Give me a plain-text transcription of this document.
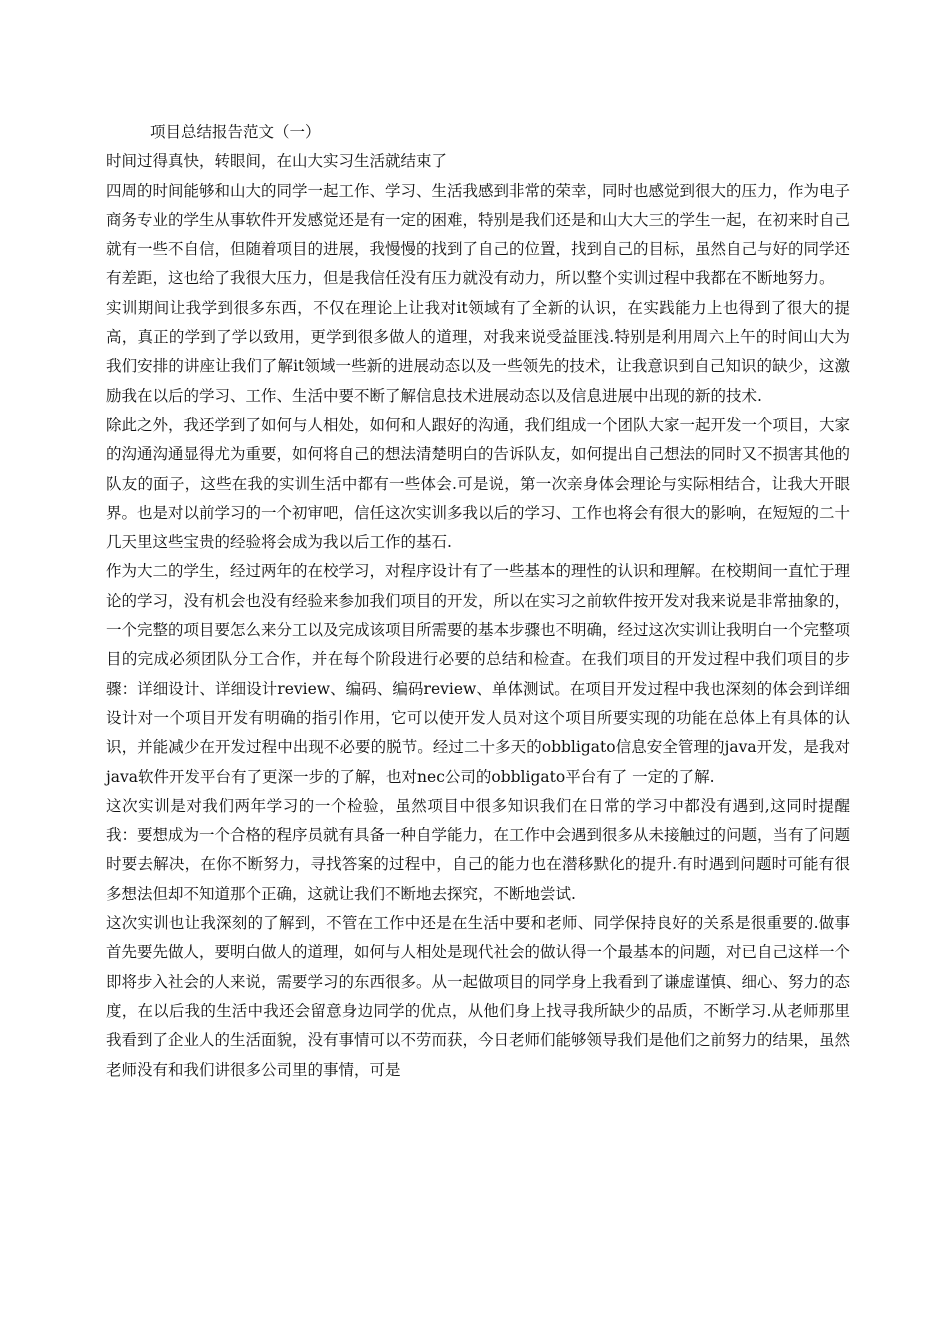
项目总结报告范文（一）

时间过得真快，转眼间，在山大实习生活就结束了

四周的时间能够和山大的同学一起工作、学习、生活我感到非常的荣幸，同时也感觉到很大的压力，作为电子商务专业的学生从事软件开发感觉还是有一定的困难，特别是我们还是和山大大三的学生一起，在初来时自己就有一些不自信，但随着项目的进展，我慢慢的找到了自己的位置，找到自己的目标，虽然自己与好的同学还有差距，这也给了我很大压力，但是我信任没有压力就没有动力，所以整个实训过程中我都在不断地努力。

实训期间让我学到很多东西，不仅在理论上让我对it领域有了全新的认识，在实践能力上也得到了很大的提高，真正的学到了学以致用，更学到很多做人的道理，对我来说受益匪浅.特别是利用周六上午的时间山大为我们安排的讲座让我们了解it领域一些新的进展动态以及一些领先的技术，让我意识到自己知识的缺少，这激励我在以后的学习、工作、生活中要不断了解信息技术进展动态以及信息进展中出现的新的技术.

除此之外，我还学到了如何与人相处，如何和人跟好的沟通，我们组成一个团队大家一起开发一个项目，大家的沟通沟通显得尤为重要，如何将自己的想法清楚明白的告诉队友，如何提出自己想法的同时又不损害其他的队友的面子，这些在我的实训生活中都有一些体会.可是说，第一次亲身体会理论与实际相结合，让我大开眼界。也是对以前学习的一个初审吧，信任这次实训多我以后的学习、工作也将会有很大的影响，在短短的二十几天里这些宝贵的经验将会成为我以后工作的基石.

作为大二的学生，经过两年的在校学习，对程序设计有了一些基本的理性的认识和理解。在校期间一直忙于理论的学习，没有机会也没有经验来参加我们项目的开发，所以在实习之前软件按开发对我来说是非常抽象的，一个完整的项目要怎么来分工以及完成该项目所需要的基本步骤也不明确，经过这次实训让我明白一个完整项目的完成必须团队分工合作，并在每个阶段进行必要的总结和检查。在我们项目的开发过程中我们项目的步骤：详细设计、详细设计review、编码、编码review、单体测试。在项目开发过程中我也深刻的体会到详细设计对一个项目开发有明确的指引作用，它可以使开发人员对这个项目所要实现的功能在总体上有具体的认识，并能减少在开发过程中出现不必要的脱节。经过二十多天的obbligato信息安全管理的java开发，是我对java软件开发平台有了更深一步的了解，也对nec公司的obbligato平台有了 一定的了解.

这次实训是对我们两年学习的一个检验，虽然项目中很多知识我们在日常的学习中都没有遇到,这同时提醒我：要想成为一个合格的程序员就有具备一种自学能力，在工作中会遇到很多从未接触过的问题，当有了问题时要去解决，在你不断努力，寻找答案的过程中，自己的能力也在潜移默化的提升.有时遇到问题时可能有很多想法但却不知道那个正确，这就让我们不断地去探究，不断地尝试.

这次实训也让我深刻的了解到，不管在工作中还是在生活中要和老师、同学保持良好的关系是很重要的.做事首先要先做人，要明白做人的道理，如何与人相处是现代社会的做认得一个最基本的问题，对已自己这样一个即将步入社会的人来说，需要学习的东西很多。从一起做项目的同学身上我看到了谦虚谨慎、细心、努力的态度，在以后我的生活中我还会留意身边同学的优点，从他们身上找寻我所缺少的品质，不断学习.从老师那里我看到了企业人的生活面貌，没有事情可以不劳而获，今日老师们能够领导我们是他们之前努力的结果，虽然老师没有和我们讲很多公司里的事情，可是
